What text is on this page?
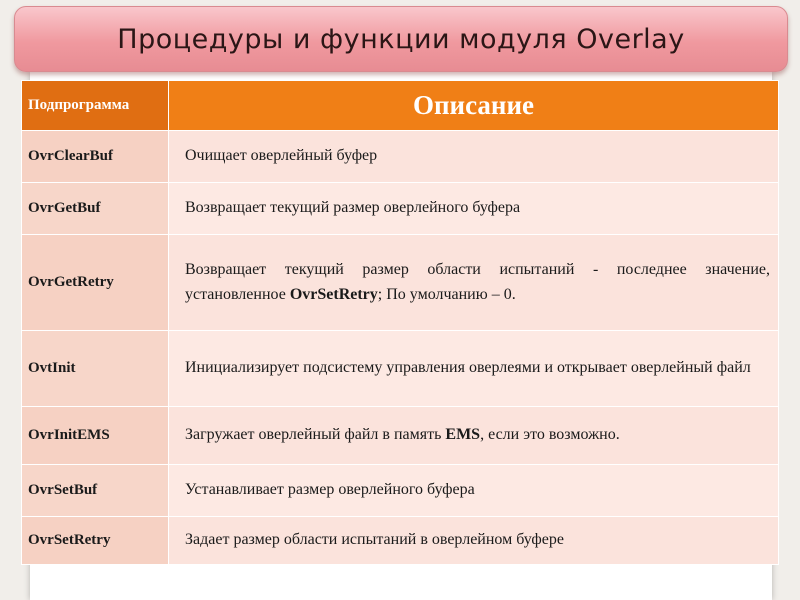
Процедуры и функции модуля Overlay
Подпрограмма	Описание
OvrClearBuf	Очищает оверлейный буфер
OvrGetBuf	Возвращает текущий размер оверлейного буфера
OvrGetRetry	Возвращает текущий размер области испытаний - последнее значение, установленное OvrSetRetry; По умолчанию – 0.
OvtInit	Инициализирует подсистему управления оверлеями и открывает оверлейный файл
OvrInitEMS	Загружает оверлейный файл в память EMS, если это возможно.
OvrSetBuf	Устанавливает размер оверлейного буфера
OvrSetRetry	Задает размер области испытаний в оверлейном буфере
